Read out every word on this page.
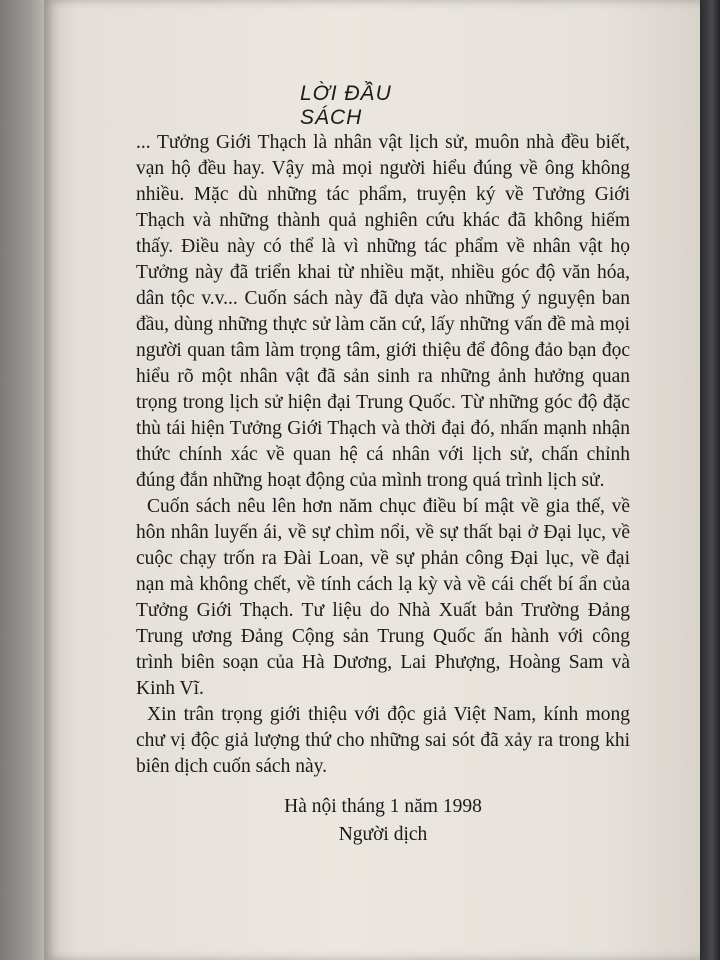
LỜI ĐẦU SÁCH

... Tưởng Giới Thạch là nhân vật lịch sử, muôn nhà đều biết, vạn hộ đều hay. Vậy mà mọi người hiểu đúng về ông không nhiều. Mặc dù những tác phẩm, truyện ký về Tưởng Giới Thạch và những thành quả nghiên cứu khác đã không hiếm thấy. Điều này có thể là vì những tác phẩm về nhân vật họ Tưởng này đã triển khai từ nhiều mặt, nhiều góc độ văn hóa, dân tộc v.v... Cuốn sách này đã dựa vào những ý nguyện ban đầu, dùng những thực sử làm căn cứ, lấy những vấn đề mà mọi người quan tâm làm trọng tâm, giới thiệu để đông đảo bạn đọc hiểu rõ một nhân vật đã sản sinh ra những ảnh hưởng quan trọng trong lịch sử hiện đại Trung Quốc. Từ những góc độ đặc thù tái hiện Tưởng Giới Thạch và thời đại đó, nhấn mạnh nhận thức chính xác về quan hệ cá nhân với lịch sử, chấn chỉnh đúng đắn những hoạt động của mình trong quá trình lịch sử.

Cuốn sách nêu lên hơn năm chục điều bí mật về gia thế, về hôn nhân luyến ái, về sự chìm nổi, về sự thất bại ở Đại lục, về cuộc chạy trốn ra Đài Loan, về sự phản công Đại lục, về đại nạn mà không chết, về tính cách lạ kỳ và về cái chết bí ẩn của Tưởng Giới Thạch. Tư liệu do Nhà Xuất bản Trường Đảng Trung ương Đảng Cộng sản Trung Quốc ấn hành với công trình biên soạn của Hà Dương, Lai Phượng, Hoàng Sam và Kinh Vĩ.

Xin trân trọng giới thiệu với độc giả Việt Nam, kính mong chư vị độc giả lượng thứ cho những sai sót đã xảy ra trong khi biên dịch cuốn sách này.

Hà nội tháng 1 năm 1998
Người dịch
